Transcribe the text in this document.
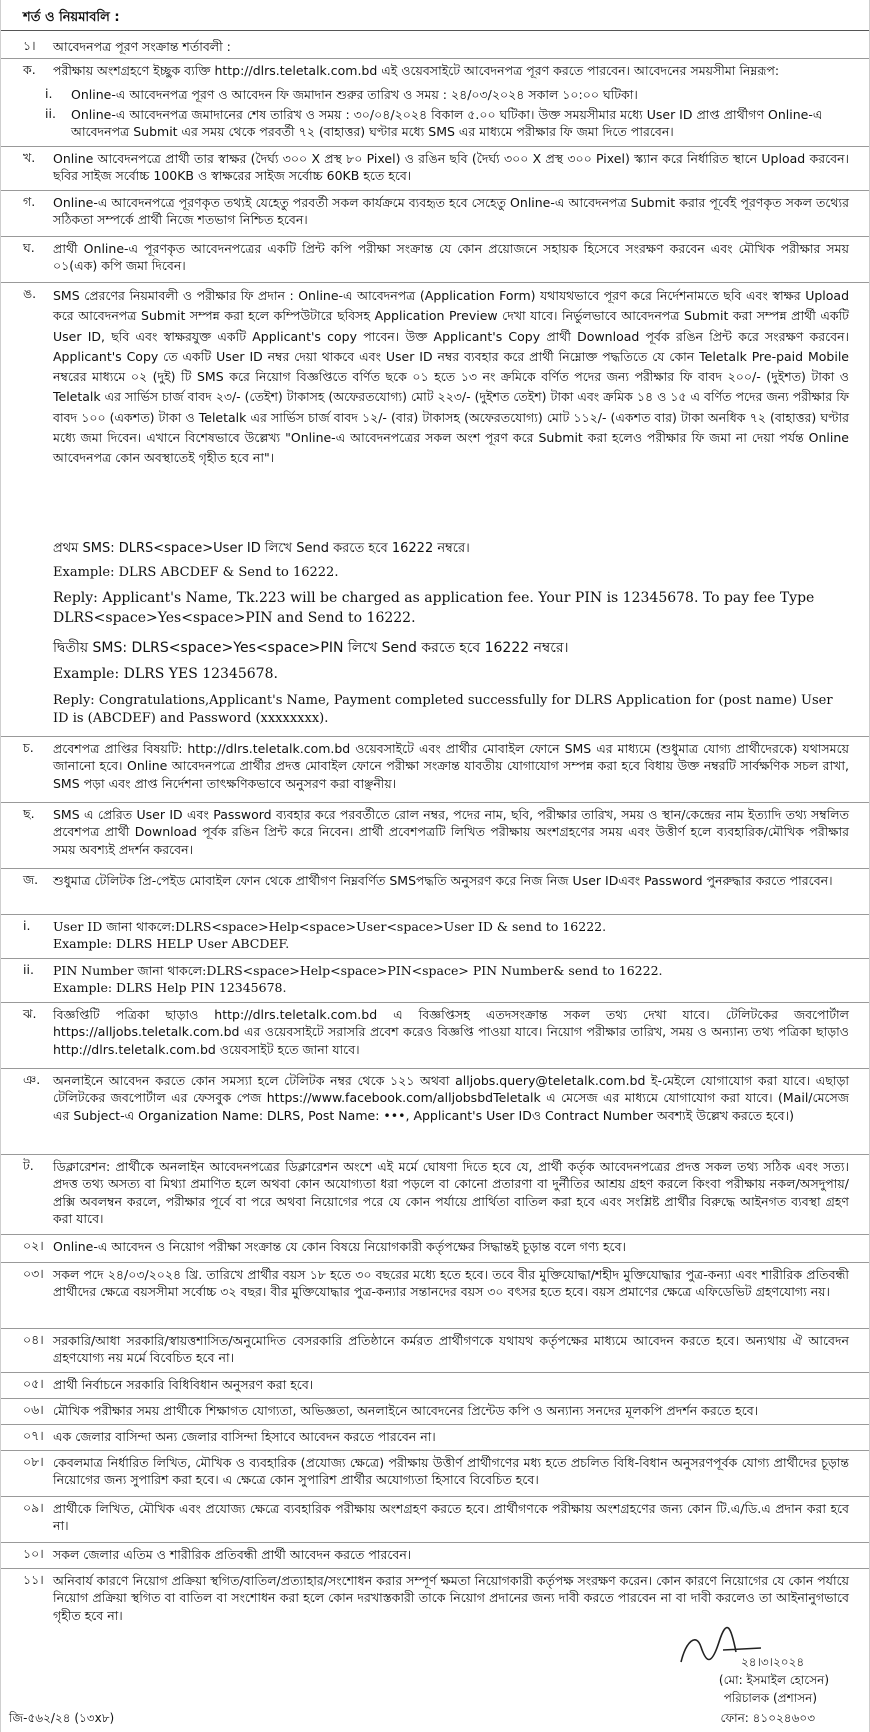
শর্ত ও নিয়মাবলি :
১। আবেদনপত্র পূরণ সংক্রান্ত শর্তাবলী :
ক. পরীক্ষায় অংশগ্রহণে ইচ্ছুক ব্যক্তি http://dlrs.teletalk.com.bd এই ওয়েবসাইটে আবেদনপত্র পূরণ করতে পারবেন। আবেদনের সময়সীমা নিম্নরূপ:
i. Online-এ আবেদনপত্র পূরণ ও আবেদন ফি জমাদান শুরুর তারিখ ও সময় : ২৪/০৩/২০২৪ সকাল ১০:০০ ঘটিকা।
ii. Online-এ আবেদনপত্র জমাদানের শেষ তারিখ ও সময় : ৩০/০৪/২০২৪ বিকাল ৫.০০ ঘটিকা। উক্ত সময়সীমার মধ্যে User ID প্রাপ্ত প্রার্থীগণ Online-এ আবেদনপত্র Submit এর সময় থেকে পরবর্তী ৭২ (বাহাত্তর) ঘণ্টার মধ্যে SMS এর মাধ্যমে পরীক্ষার ফি জমা দিতে পারবেন।
খ. Online আবেদনপত্রে প্রার্থী তার স্বাক্ষর (দৈর্ঘ্য ৩০০ X প্রস্থ ৮০ Pixel) ও রঙিন ছবি (দৈর্ঘ্য ৩০০ X প্রস্থ ৩০০ Pixel) স্ক্যান করে নির্ধারিত স্থানে Upload করবেন। ছবির সাইজ সর্বোচ্চ 100KB ও স্বাক্ষরের সাইজ সর্বোচ্চ 60KB হতে হবে।
গ. Online-এ আবেদনপত্রে পূরণকৃত তথ্যই যেহেতু পরবর্তী সকল কার্যক্রমে ব্যবহৃত হবে সেহেতু Online-এ আবেদনপত্র Submit করার পূর্বেই পূরণকৃত সকল তথ্যের সঠিকতা সম্পর্কে প্রার্থী নিজে শতভাগ নিশ্চিত হবেন।
ঘ. প্রার্থী Online-এ পূরণকৃত আবেদনপত্রের একটি প্রিন্ট কপি পরীক্ষা সংক্রান্ত যে কোন প্রয়োজনে সহায়ক হিসেবে সংরক্ষণ করবেন এবং মৌখিক পরীক্ষার সময় ০১(এক) কপি জমা দিবেন।
ঙ. SMS প্রেরণের নিয়মাবলী ও পরীক্ষার ফি প্রদান : Online-এ আবেদনপত্র (Application Form) যথাযথভাবে পূরণ করে নির্দেশনামতে ছবি এবং স্বাক্ষর Upload করে আবেদনপত্র Submit সম্পন্ন করা হলে কম্পিউটারে ছবিসহ Application Preview দেখা যাবে। নির্ভুলভাবে আবেদনপত্র Submit করা সম্পন্ন প্রার্থী একটি User ID, ছবি এবং স্বাক্ষরযুক্ত একটি Applicant's copy পাবেন। উক্ত Applicant's Copy প্রার্থী Download পূর্বক রঙিন প্রিন্ট করে সংরক্ষণ করবেন। Applicant's Copy তে একটি User ID নম্বর দেয়া থাকবে এবং User ID নম্বর ব্যবহার করে প্রার্থী নিম্নোক্ত পদ্ধতিতে যে কোন Teletalk Pre-paid Mobile নম্বরের মাধ্যমে ০২ (দুই) টি SMS করে নিয়োগ বিজ্ঞপ্তিতে বর্ণিত ছকে ০১ হতে ১৩ নং ক্রমিকে বর্ণিত পদের জন্য পরীক্ষার ফি বাবদ ২০০/- (দুইশত) টাকা ও Teletalk এর সার্ভিস চার্জ বাবদ ২৩/- (তেইশ) টাকাসহ (অফেরতযোগ্য) মোট ২২৩/- (দুইশত তেইশ) টাকা এবং ক্রমিক ১৪ ও ১৫ এ বর্ণিত পদের জন্য পরীক্ষার ফি বাবদ ১০০ (একশত) টাকা ও Teletalk এর সার্ভিস চার্জ বাবদ ১২/- (বার) টাকাসহ (অফেরতযোগ্য) মোট ১১২/- (একশত বার) টাকা অনধিক ৭২ (বাহাত্তর) ঘণ্টার মধ্যে জমা দিবেন। এখানে বিশেষভাবে উল্লেখ্য "Online-এ আবেদনপত্রের সকল অংশ পূরণ করে Submit করা হলেও পরীক্ষার ফি জমা না দেয়া পর্যন্ত Online আবেদনপত্র কোন অবস্থাতেই গৃহীত হবে না"।
প্রথম SMS: DLRS<space>User ID লিখে Send করতে হবে 16222 নম্বরে।
Example: DLRS ABCDEF & Send to 16222.
Reply: Applicant's Name, Tk.223 will be charged as application fee. Your PIN is 12345678. To pay fee Type DLRS<space>Yes<space>PIN and Send to 16222.
দ্বিতীয় SMS: DLRS<space>Yes<space>PIN লিখে Send করতে হবে 16222 নম্বরে।
Example: DLRS YES 12345678.
Reply: Congratulations,Applicant's Name, Payment completed successfully for DLRS Application for (post name) User ID is (ABCDEF) and Password (xxxxxxxx).
চ. প্রবেশপত্র প্রাপ্তির বিষয়টি: http://dlrs.teletalk.com.bd ওয়েবসাইটে এবং প্রার্থীর মোবাইল ফোনে SMS এর মাধ্যমে (শুধুমাত্র যোগ্য প্রার্থীদেরকে) যথাসময়ে জানানো হবে। Online আবেদনপত্রে প্রার্থীর প্রদত্ত মোবাইল ফোনে পরীক্ষা সংক্রান্ত যাবতীয় যোগাযোগ সম্পন্ন করা হবে বিধায় উক্ত নম্বরটি সার্বক্ষণিক সচল রাখা, SMS পড়া এবং প্রাপ্ত নির্দেশনা তাৎক্ষণিকভাবে অনুসরণ করা বাঞ্ছনীয়।
ছ. SMS এ প্রেরিত User ID এবং Password ব্যবহার করে পরবর্তীতে রোল নম্বর, পদের নাম, ছবি, পরীক্ষার তারিখ, সময় ও স্থান/কেন্দ্রের নাম ইত্যাদি তথ্য সম্বলিত প্রবেশপত্র প্রার্থী Download পূর্বক রঙিন প্রিন্ট করে নিবেন। প্রার্থী প্রবেশপত্রটি লিখিত পরীক্ষায় অংশগ্রহণের সময় এবং উত্তীর্ণ হলে ব্যবহারিক/মৌখিক পরীক্ষার সময় অবশ্যই প্রদর্শন করবেন।
জ. শুধুমাত্র টেলিটক প্রি-পেইড মোবাইল ফোন থেকে প্রার্থীগণ নিম্নবর্ণিত SMSপদ্ধতি অনুসরণ করে নিজ নিজ User IDএবং Password পুনরুদ্ধার করতে পারবেন।
i. User ID জানা থাকলে:DLRS<space>Help<space>User<space>User ID & send to 16222.
Example: DLRS HELP User ABCDEF.
ii. PIN Number জানা থাকলে:DLRS<space>Help<space>PIN<space> PIN Number& send to 16222.
Example: DLRS Help PIN 12345678.
ঝ. বিজ্ঞপ্তিটি পত্রিকা ছাড়াও http://dlrs.teletalk.com.bd এ বিজ্ঞপ্তিসহ এতদসংক্রান্ত সকল তথ্য দেখা যাবে। টেলিটকের জবপোর্টাল https://alljobs.teletalk.com.bd এর ওয়েবসাইটে সরাসরি প্রবেশ করেও বিজ্ঞপ্তি পাওয়া যাবে। নিয়োগ পরীক্ষার তারিখ, সময় ও অন্যান্য তথ্য পত্রিকা ছাড়াও http://dlrs.teletalk.com.bd ওয়েবসাইট হতে জানা যাবে।
ঞ. অনলাইনে আবেদন করতে কোন সমস্যা হলে টেলিটক নম্বর থেকে ১২১ অথবা alljobs.query@teletalk.com.bd ই-মেইলে যোগাযোগ করা যাবে। এছাড়া টেলিটকের জবপোর্টাল এর ফেসবুক পেজ https://www.facebook.com/alljobsbdTeletalk এ মেসেজ এর মাধ্যমে যোগাযোগ করা যাবে। (Mail/মেসেজ এর Subject-এ Organization Name: DLRS, Post Name: •••, Applicant's User IDও Contract Number অবশ্যই উল্লেখ করতে হবে।)
ট. ডিক্লারেশন: প্রার্থীকে অনলাইন আবেদনপত্রের ডিক্লারেশন অংশে এই মর্মে ঘোষণা দিতে হবে যে, প্রার্থী কর্তৃক আবেদনপত্রের প্রদত্ত সকল তথ্য সঠিক এবং সত্য। প্রদত্ত তথ্য অসত্য বা মিথ্যা প্রমাণিত হলে অথবা কোন অযোগ্যতা ধরা পড়লে বা কোনো প্রতারণা বা দুর্নীতির আশ্রয় গ্রহণ করলে কিংবা পরীক্ষায় নকল/অসদুপায়/প্রক্সি অবলম্বন করলে, পরীক্ষার পূর্বে বা পরে অথবা নিয়োগের পরে যে কোন পর্যায়ে প্রার্থিতা বাতিল করা হবে এবং সংশ্লিষ্ট প্রার্থীর বিরুদ্ধে আইনগত ব্যবস্থা গ্রহণ করা যাবে।
০২। Online-এ আবেদন ও নিয়োগ পরীক্ষা সংক্রান্ত যে কোন বিষয়ে নিয়োগকারী কর্তৃপক্ষের সিদ্ধান্তই চূড়ান্ত বলে গণ্য হবে।
০৩। সকল পদে ২৪/০৩/২০২৪ খ্রি. তারিখে প্রার্থীর বয়স ১৮ হতে ৩০ বছরের মধ্যে হতে হবে। তবে বীর মুক্তিযোদ্ধা/শহীদ মুক্তিযোদ্ধার পুত্র-কন্যা এবং শারীরিক প্রতিবন্ধী প্রার্থীদের ক্ষেত্রে বয়সসীমা সর্বোচ্চ ৩২ বছর। বীর মুক্তিযোদ্ধার পুত্র-কন্যার সন্তানদের বয়স ৩০ বৎসর হতে হবে। বয়স প্রমাণের ক্ষেত্রে এফিডেভিট গ্রহণযোগ্য নয়।
০৪। সরকারি/আধা সরকারি/স্বায়ত্তশাসিত/অনুমোদিত বেসরকারি প্রতিষ্ঠানে কর্মরত প্রার্থীগণকে যথাযথ কর্তৃপক্ষের মাধ্যমে আবেদন করতে হবে। অন্যথায় ঐ আবেদন গ্রহণযোগ্য নয় মর্মে বিবেচিত হবে না।
০৫। প্রার্থী নির্বাচনে সরকারি বিধিবিধান অনুসরণ করা হবে।
০৬। মৌখিক পরীক্ষার সময় প্রার্থীকে শিক্ষাগত যোগ্যতা, অভিজ্ঞতা, অনলাইনে আবেদনের প্রিন্টেড কপি ও অন্যান্য সনদের মূলকপি প্রদর্শন করতে হবে।
০৭। এক জেলার বাসিন্দা অন্য জেলার বাসিন্দা হিসাবে আবেদন করতে পারবেন না।
০৮। কেবলমাত্র নির্ধারিত লিখিত, মৌখিক ও ব্যবহারিক (প্রযোজ্য ক্ষেত্রে) পরীক্ষায় উত্তীর্ণ প্রার্থীগণের মধ্য হতে প্রচলিত বিধি-বিধান অনুসরণপূর্বক যোগ্য প্রার্থীদের চূড়ান্ত নিয়োগের জন্য সুপারিশ করা হবে। এ ক্ষেত্রে কোন সুপারিশ প্রার্থীর অযোগ্যতা হিসাবে বিবেচিত হবে।
০৯। প্রার্থীকে লিখিত, মৌখিক এবং প্রযোজ্য ক্ষেত্রে ব্যবহারিক পরীক্ষায় অংশগ্রহণ করতে হবে। প্রার্থীগণকে পরীক্ষায় অংশগ্রহণের জন্য কোন টি.এ/ডি.এ প্রদান করা হবে না।
১০। সকল জেলার এতিম ও শারীরিক প্রতিবন্ধী প্রার্থী আবেদন করতে পারবেন।
১১। অনিবার্য কারণে নিয়োগ প্রক্রিয়া স্থগিত/বাতিল/প্রত্যাহার/সংশোধন করার সম্পূর্ণ ক্ষমতা নিয়োগকারী কর্তৃপক্ষ সংরক্ষণ করেন। কোন কারণে নিয়োগের যে কোন পর্যায়ে নিয়োগ প্রক্রিয়া স্থগিত বা বাতিল বা সংশোধন করা হলে কোন দরখাস্তকারী তাকে নিয়োগ প্রদানের জন্য দাবী করতে পারবেন না বা দাবী করলেও তা আইনানুগভাবে গৃহীত হবে না।
২৪।৩।২০২৪
(মো: ইসমাইল হোসেন)
পরিচালক (প্রশাসন)
ফোন: ৪১০২৪৬০৩
জি-৫৬২/২৪ (১৩x৮)
